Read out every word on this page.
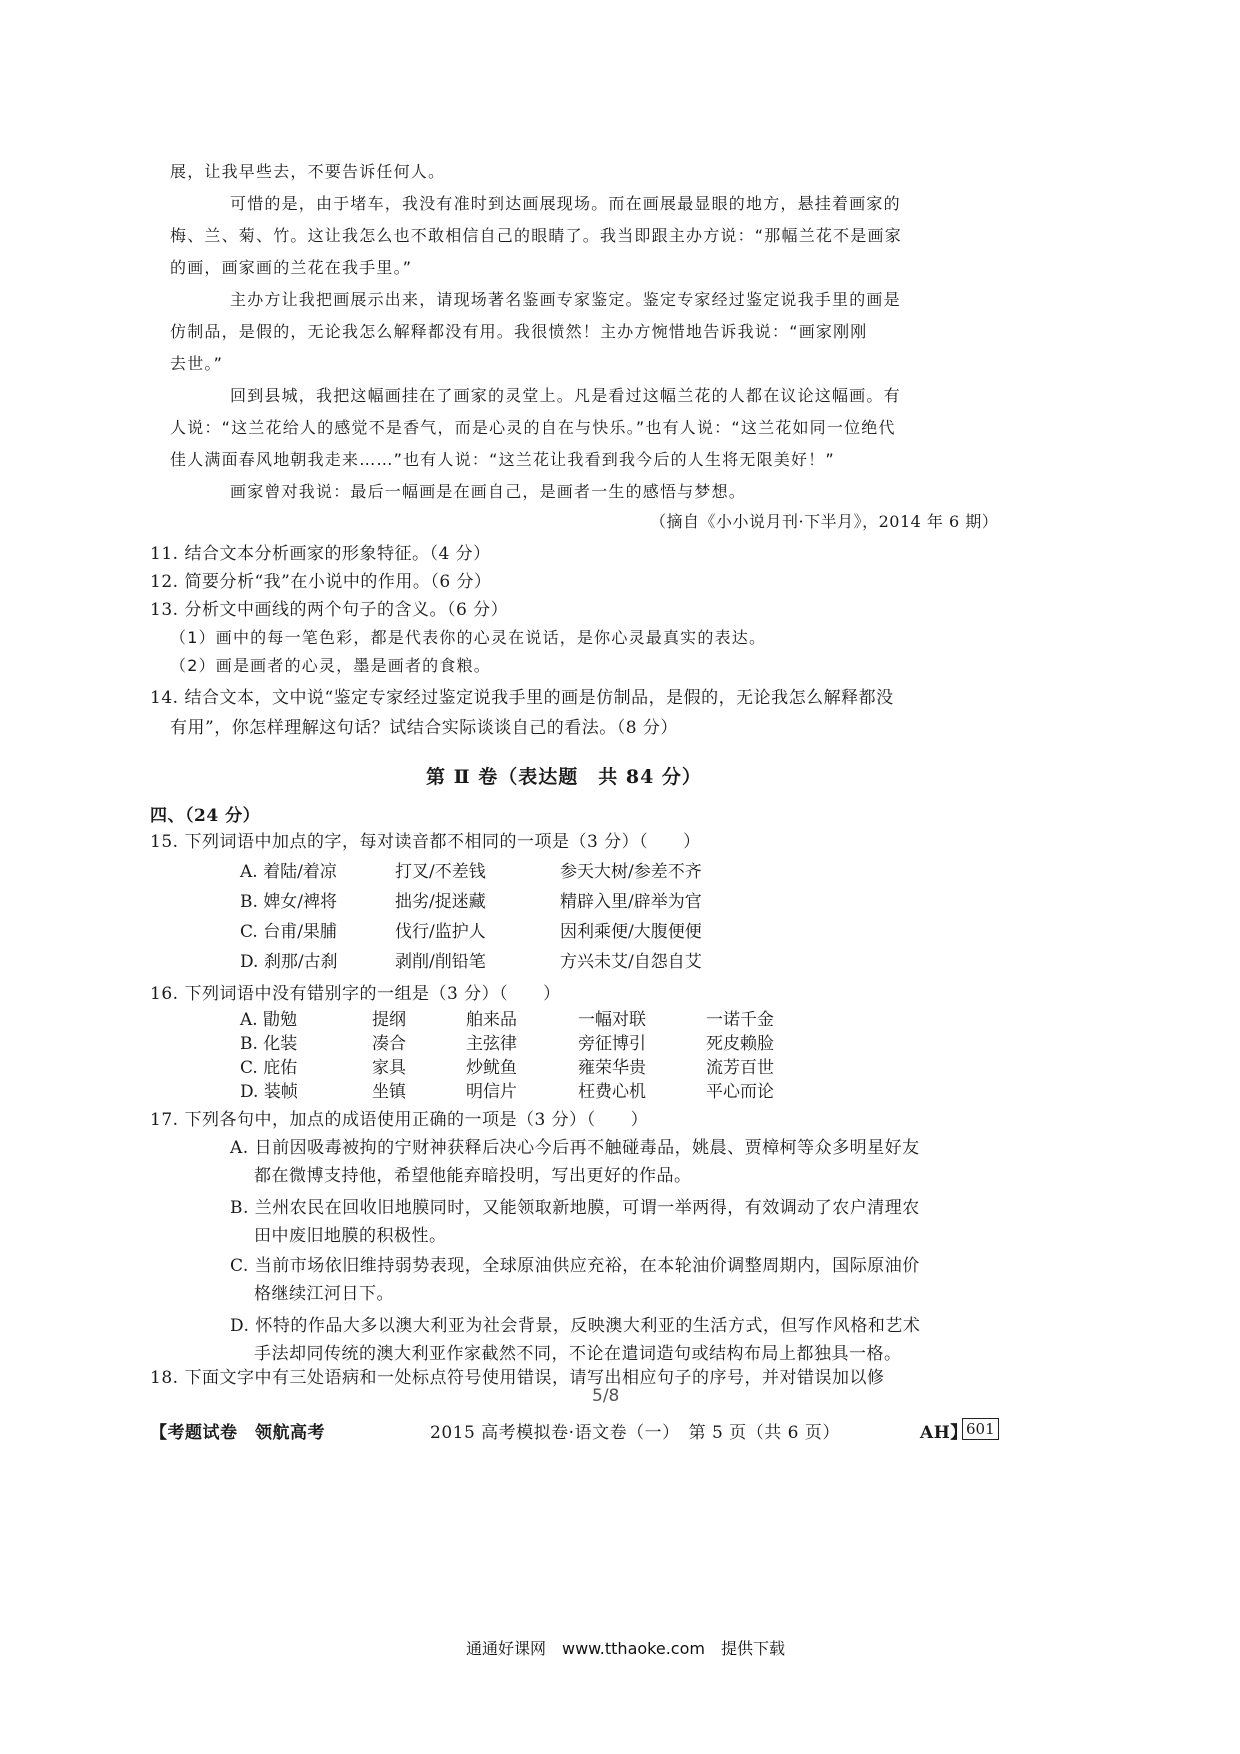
展，让我早些去，不要告诉任何人。
可惜的是，由于堵车，我没有准时到达画展现场。而在画展最显眼的地方，悬挂着画家的
梅、兰、菊、竹。这让我怎么也不敢相信自己的眼睛了。我当即跟主办方说：“那幅兰花不是画家
的画，画家画的兰花在我手里。”
主办方让我把画展示出来，请现场著名鉴画专家鉴定。鉴定专家经过鉴定说我手里的画是
仿制品，是假的，无论我怎么解释都没有用。我很愤然！主办方惋惜地告诉我说：“画家刚刚
去世。”
回到县城，我把这幅画挂在了画家的灵堂上。凡是看过这幅兰花的人都在议论这幅画。有
人说：“这兰花给人的感觉不是香气，而是心灵的自在与快乐。”也有人说：“这兰花如同一位绝代
佳人满面春风地朝我走来……”也有人说：“这兰花让我看到我今后的人生将无限美好！”
画家曾对我说：最后一幅画是在画自己，是画者一生的感悟与梦想。
（摘自《小小说月刊·下半月》，2014 年 6 期）
11. 结合文本分析画家的形象特征。（4 分）
12. 简要分析“我”在小说中的作用。（6 分）
13. 分析文中画线的两个句子的含义。（6 分）
（1）画中的每一笔色彩，都是代表你的心灵在说话，是你心灵最真实的表达。
（2）画是画者的心灵，墨是画者的食粮。
14. 结合文本，文中说“鉴定专家经过鉴定说我手里的画是仿制品，是假的，无论我怎么解释都没
有用”，你怎样理解这句话？试结合实际谈谈自己的看法。（8 分）
第 Ⅱ 卷（表达题　共 84 分）
四、（24 分）
15. 下列词语中加点的字，每对读音都不相同的一项是（3 分）（　　）
A. 着陆/着凉	打叉/不差钱	参天大树/参差不齐
B. 婢女/裨将	拙劣/捉迷藏	精辟入里/辟举为官
C. 台甫/果脯	伐行/监护人	因利乘便/大腹便便
D. 刹那/古刹	剥削/削铅笔	方兴未艾/自怨自艾
16. 下列词语中没有错别字的一组是（3 分）（　　）
A. 勖勉	提纲	舶来品	一幅对联	一诺千金
B. 化装	凑合	主弦律	旁征博引	死皮赖脸
C. 庇佑	家具	炒鱿鱼	雍荣华贵	流芳百世
D. 装帧	坐镇	明信片	枉费心机	平心而论
17. 下列各句中，加点的成语使用正确的一项是（3 分）（　　）
A. 日前因吸毒被拘的宁财神获释后决心今后再不触碰毒品，姚晨、贾樟柯等众多明星好友
都在微博支持他，希望他能弃暗投明，写出更好的作品。
B. 兰州农民在回收旧地膜同时，又能领取新地膜，可谓一举两得，有效调动了农户清理农
田中废旧地膜的积极性。
C. 当前市场依旧维持弱势表现，全球原油供应充裕，在本轮油价调整周期内，国际原油价
格继续江河日下。
D. 怀特的作品大多以澳大利亚为社会背景，反映澳大利亚的生活方式，但写作风格和艺术
手法却同传统的澳大利亚作家截然不同，不论在遣词造句或结构布局上都独具一格。
18. 下面文字中有三处语病和一处标点符号使用错误，请写出相应句子的序号，并对错误加以修
5/8
【考题试卷　领航高考	2015 高考模拟卷·语文卷（一）　第 5 页（共 6 页）	AH】
601
通通好课网　www.tthaoke.com　提供下载
